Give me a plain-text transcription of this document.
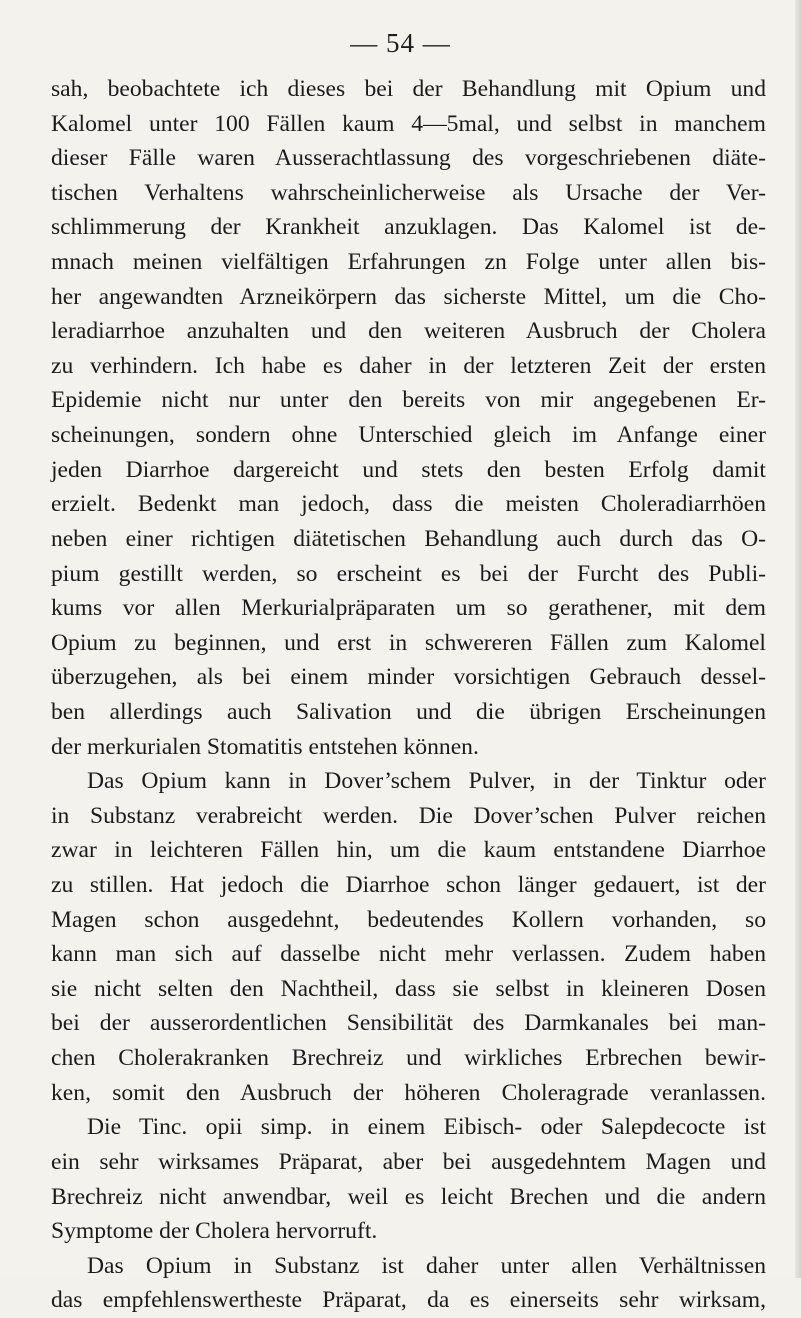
— 54 —
sah, beobachtete ich dieses bei der Behandlung mit Opium und
Kalomel unter 100 Fällen kaum 4—5mal, und selbst in manchem
dieser Fälle waren Ausserachtlassung des vorgeschriebenen diäte-
tischen Verhaltens wahrscheinlicherweise als Ursache der Ver-
schlimmerung der Krankheit anzuklagen. Das Kalomel ist de-
mnach meinen vielfältigen Erfahrungen zn Folge unter allen bis-
her angewandten Arzneikörpern das sicherste Mittel, um die Cho-
leradiarrhoe anzuhalten und den weiteren Ausbruch der Cholera
zu verhindern. Ich habe es daher in der letzteren Zeit der ersten
Epidemie nicht nur unter den bereits von mir angegebenen Er-
scheinungen, sondern ohne Unterschied gleich im Anfange einer
jeden Diarrhoe dargereicht und stets den besten Erfolg damit
erzielt. Bedenkt man jedoch, dass die meisten Choleradiarrhöen
neben einer richtigen diätetischen Behandlung auch durch das O-
pium gestillt werden, so erscheint es bei der Furcht des Publi-
kums vor allen Merkurialpräparaten um so gerathener, mit dem
Opium zu beginnen, und erst in schwereren Fällen zum Kalomel
überzugehen, als bei einem minder vorsichtigen Gebrauch dessel-
ben allerdings auch Salivation und die übrigen Erscheinungen
der merkurialen Stomatitis entstehen können.
Das Opium kann in Dover’schem Pulver, in der Tinktur oder
in Substanz verabreicht werden. Die Dover’schen Pulver reichen
zwar in leichteren Fällen hin, um die kaum entstandene Diarrhoe
zu stillen. Hat jedoch die Diarrhoe schon länger gedauert, ist der
Magen schon ausgedehnt, bedeutendes Kollern vorhanden, so
kann man sich auf dasselbe nicht mehr verlassen. Zudem haben
sie nicht selten den Nachtheil, dass sie selbst in kleineren Dosen
bei der ausserordentlichen Sensibilität des Darmkanales bei man-
chen Cholerakranken Brechreiz und wirkliches Erbrechen bewir-
ken, somit den Ausbruch der höheren Choleragrade veranlassen.
Die Tinc. opii simp. in einem Eibisch- oder Salepdecocte ist
ein sehr wirksames Präparat, aber bei ausgedehntem Magen und
Brechreiz nicht anwendbar, weil es leicht Brechen und die andern
Symptome der Cholera hervorruft.
Das Opium in Substanz ist daher unter allen Verhältnissen
das empfehlenswertheste Präparat, da es einerseits sehr wirksam,
